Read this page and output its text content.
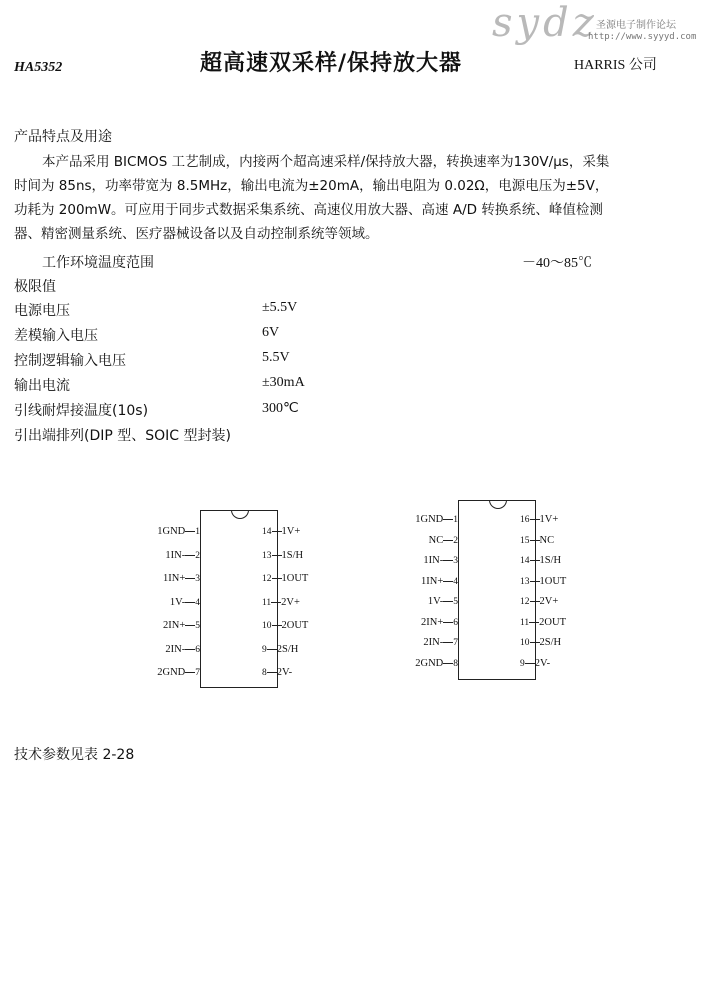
sydz
圣源电子制作论坛
http://www.syyyd.com
HA5352	超高速双采样/保持放大器	HARRIS 公司
产品特点及用途
本产品采用 BICMOS 工艺制成，内接两个超高速采样/保持放大器，转换速率为130V/μs，采集时间为 85ns，功率带宽为 8.5MHz，输出电流为±20mA，输出电阻为 0.02Ω，电源电压为±5V，功耗为 200mW。可应用于同步式数据采集系统、高速仪用放大器、高速 A/D 转换系统、峰值检测器、精密测量系统、医疗器械设备以及自动控制系统等领域。
工作环境温度范围	－40～85℃
极限值
电源电压	±5.5V
差模输入电压	6V
控制逻辑输入电压	5.5V
输出电流	±30mA
引线耐焊接温度(10s)	300℃
引出端排列(DIP 型、SOIC 型封装)
1GND 1
1IN- 2
1IN+ 3
1V- 4
2IN+ 5
2IN- 6
2GND 7
14 1V+
13 1S/H
12 1OUT
11 2V+
10 2OUT
9 2S/H
8 2V-
1GND 1
NC 2
1IN- 3
1IN+ 4
1V- 5
2IN+ 6
2IN- 7
2GND 8
16 1V+
15 NC
14 1S/H
13 1OUT
12 2V+
11 2OUT
10 2S/H
9 2V-
技术参数见表 2-28
